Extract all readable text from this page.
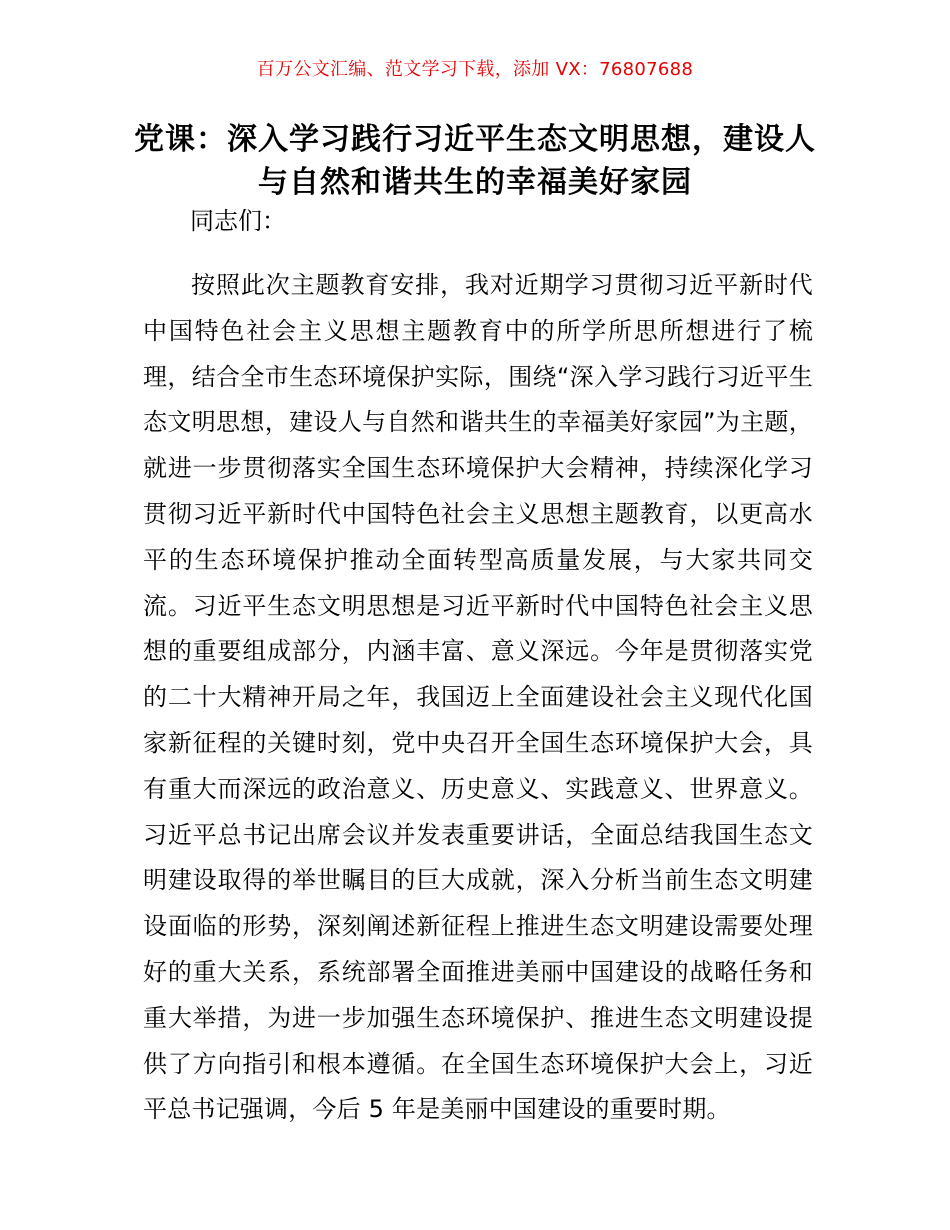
百万公文汇编、范文学习下载，添加 VX：76807688
党课：深入学习践行习近平生态文明思想，建设人与自然和谐共生的幸福美好家园
同志们：
按照此次主题教育安排，我对近期学习贯彻习近平新时代中国特色社会主义思想主题教育中的所学所思所想进行了梳理，结合全市生态环境保护实际，围绕“深入学习践行习近平生态文明思想，建设人与自然和谐共生的幸福美好家园”为主题，就进一步贯彻落实全国生态环境保护大会精神，持续深化学习贯彻习近平新时代中国特色社会主义思想主题教育，以更高水平的生态环境保护推动全面转型高质量发展，与大家共同交流。习近平生态文明思想是习近平新时代中国特色社会主义思想的重要组成部分，内涵丰富、意义深远。今年是贯彻落实党的二十大精神开局之年，我国迈上全面建设社会主义现代化国家新征程的关键时刻，党中央召开全国生态环境保护大会，具有重大而深远的政治意义、历史意义、实践意义、世界意义。习近平总书记出席会议并发表重要讲话，全面总结我国生态文明建设取得的举世瞩目的巨大成就，深入分析当前生态文明建设面临的形势，深刻阐述新征程上推进生态文明建设需要处理好的重大关系，系统部署全面推进美丽中国建设的战略任务和重大举措，为进一步加强生态环境保护、推进生态文明建设提供了方向指引和根本遵循。在全国生态环境保护大会上，习近平总书记强调，今后 5 年是美丽中国建设的重要时期。
